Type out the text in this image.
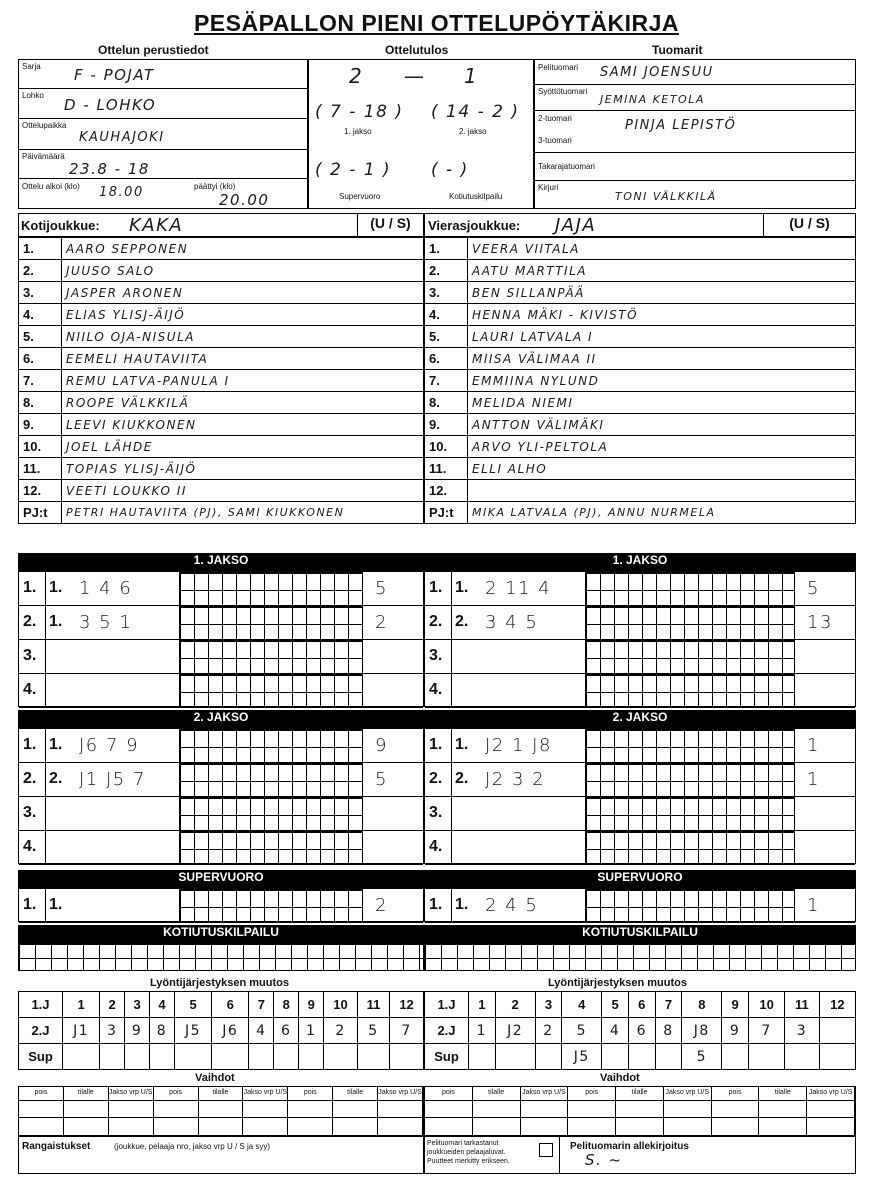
PESÄPALLON PIENI OTTELUPÖYTÄKIRJA
Ottelun perustiedot	Ottelutulos	Tuomarit
Sarja F - POJAT
Lohko
D - LOHKO
Ottelupaikka
KAUHAJOKI
Päivämäärä
23.8 - 18
Ottelu alkoi (klo) 18.00	päättyi (klo)
20.00
2 — 1
( 7 - 18 )
1. jakso
( 14 - 2 )
2. jakso
( 2 - 1 )
Supervuoro
( - )
Kotiutuskilpailu
Pelituomari SAMI JOENSUU
Syöttötuomari
JEMINA KETOLA
2-tuomari	PINJA LEPISTÖ
3-tuomari
Takarajatuomari
Kirjuri
TONI VÄLKKILÄ
Kotijoukkue: KAKA	(U / S)	Vierasjoukkue: JAJA	(U / S)
1.	AARO SEPPONEN
2.	JUUSO SALO
3.	JASPER ARONEN
4.	ELIAS YLISJ-ÄIJÖ
5.	NIILO OJA-NISULA
6.	EEMELI HAUTAVIITA
7.	REMU LATVA-PANULA I
8.	ROOPE VÄLKKILÄ
9.	LEEVI KIUKKONEN
10.	JOEL LÄHDE
11.	TOPIAS YLISJ-ÄIJÖ
12.	VEETI LOUKKO II
PJ:t	PETRI HAUTAVIITA (PJ), SAMI KIUKKONEN
1.	VEERA VIITALA
2.	AATU MARTTILA
3.	BEN SILLANPÄÄ
4.	HENNA MÄKI - KIVISTÖ
5.	LAURI LATVALA I
6.	MIISA VÄLIMAA II
7.	EMMIINA NYLUND
8.	MELIDA NIEMI
9.	ANTTON VÄLIMÄKI
10.	ARVO YLI-PELTOLA
11.	ELLI ALHO
12.	
PJ:t	MIKA LATVALA (PJ), ANNU NURMELA
1. JAKSO	1. JAKSO
1. 1. 1 4 6	5
2. 1. 3 5 1	2
3.
4.
1. 1. 2 11 4	5
2. 2. 3 4 5	13
3.
4.
2. JAKSO	2. JAKSO
1. 1. J6 7 9	9
2. 2. J1 J5 7	5
3.
4.
1. 1. J2 1 J8	1
2. 2. J2 3 2	1
3.
4.
SUPERVUORO	SUPERVUORO
1. 1.	2	1. 1. 2 4 5	1
KOTIUTUSKILPAILU	KOTIUTUSKILPAILU
Lyöntijärjestyksen muutos	Lyöntijärjestyksen muutos
1.J	1	2	3	4	5	6	7	8	9	10	11	12
2.J	J1	3	9	8	J5	J6	4	6	1	2	5	7
Sup												
1.J	1	2	3	4	5	6	7	8	9	10	11	12
2.J	1	J2	2	5	4	6	8	J8	9	7	3	
Sup				J5				5				
Vaihdot	Vaihdot
pois	tilalle	Jakso vrp U/S	pois	tilalle	Jakso vrp U/S	pois	tilalle	Jakso vrp U/S	pois	tilalle	Jakso vrp U/S	pois	tilalle	Jakso vrp U/S	pois	tilalle	Jakso vrp U/S
Rangaistukset	(joukkue, pelaaja nro, jakso vrp U / S ja syy)	Pelituomari tarkastanut
joukkueiden pelaajaluvat.
Puutteet merkitty erikseen.
Pelituomarin allekirjoitus
S. ~
